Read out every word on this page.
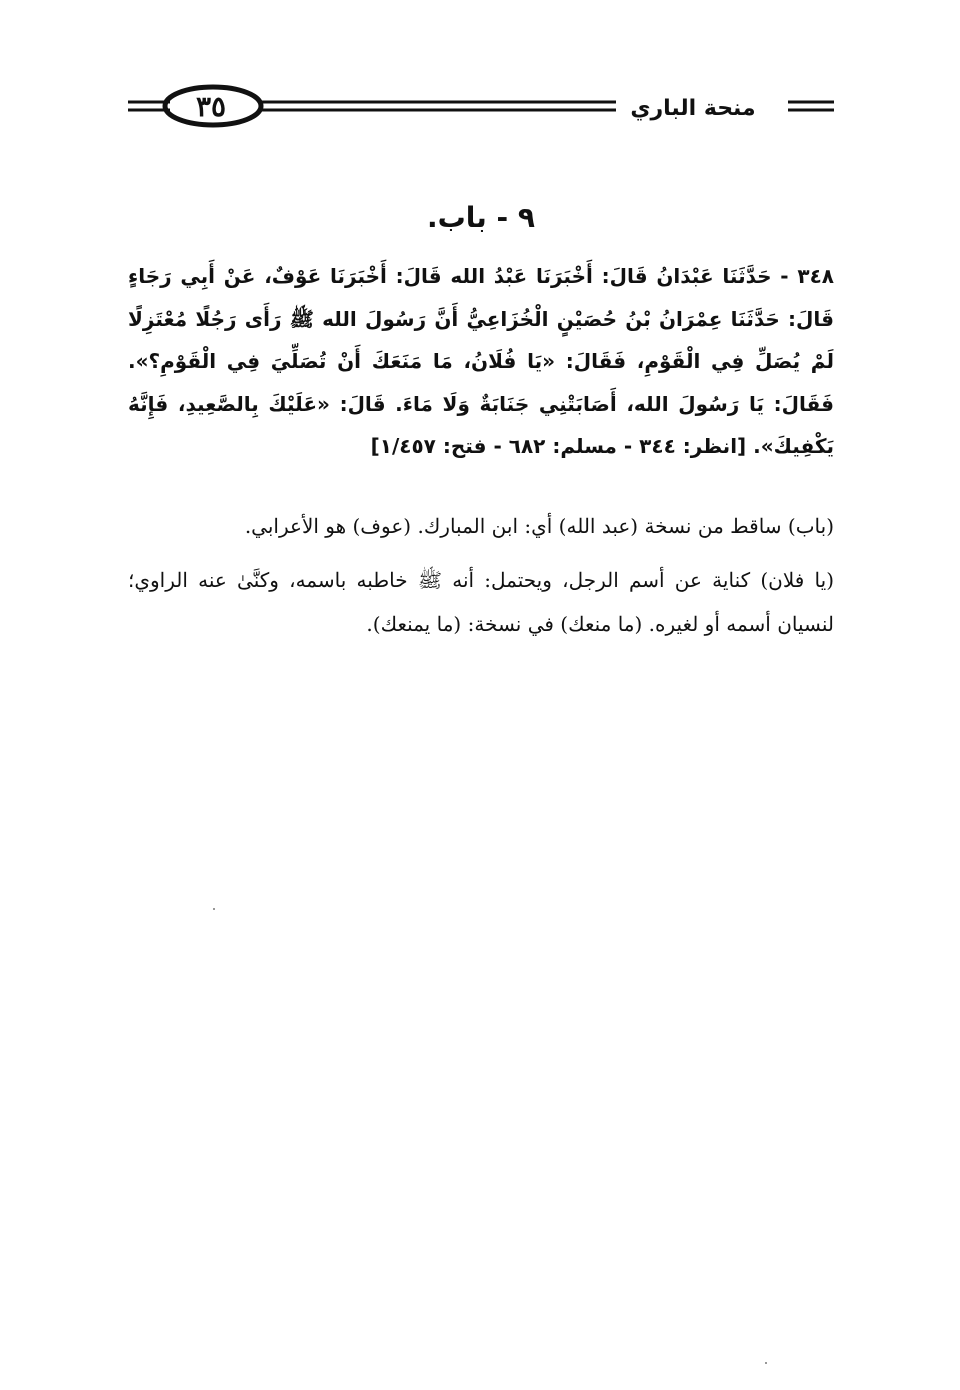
٣٥	منحة الباري
٩ - باب.
٣٤٨ - حَدَّثَنَا عَبْدَانُ قَالَ: أَخْبَرَنَا عَبْدُ الله قَالَ: أَخْبَرَنَا عَوْفٌ، عَنْ أَبِي رَجَاءٍ قَالَ: حَدَّثَنَا عِمْرَانُ بْنُ حُصَيْنٍ الْخُزَاعِيُّ أَنَّ رَسُولَ الله ﷺ رَأَى رَجُلًا مُعْتَزِلًا لَمْ يُصَلِّ فِي الْقَوْمِ، فَقَالَ: «يَا فُلَانُ، مَا مَنَعَكَ أَنْ تُصَلِّيَ فِي الْقَوْمِ؟». فَقَالَ: يَا رَسُولَ الله، أَصَابَتْنِي جَنَابَةٌ وَلَا مَاءَ. قَالَ: «عَلَيْكَ بِالصَّعِيدِ، فَإِنَّهُ يَكْفِيكَ». [انظر: ٣٤٤ - مسلم: ٦٨٢ - فتح: ١/٤٥٧]

(باب) ساقط من نسخة (عبد الله) أي: ابن المبارك. (عوف) هو الأعرابي.

(يا فلان) كناية عن أسم الرجل، ويحتمل: أنه ﷺ خاطبه باسمه، وكنَّىٰ عنه الراوي؛ لنسيان أسمه أو لغيره. (ما منعك) في نسخة: (ما يمنعك).
